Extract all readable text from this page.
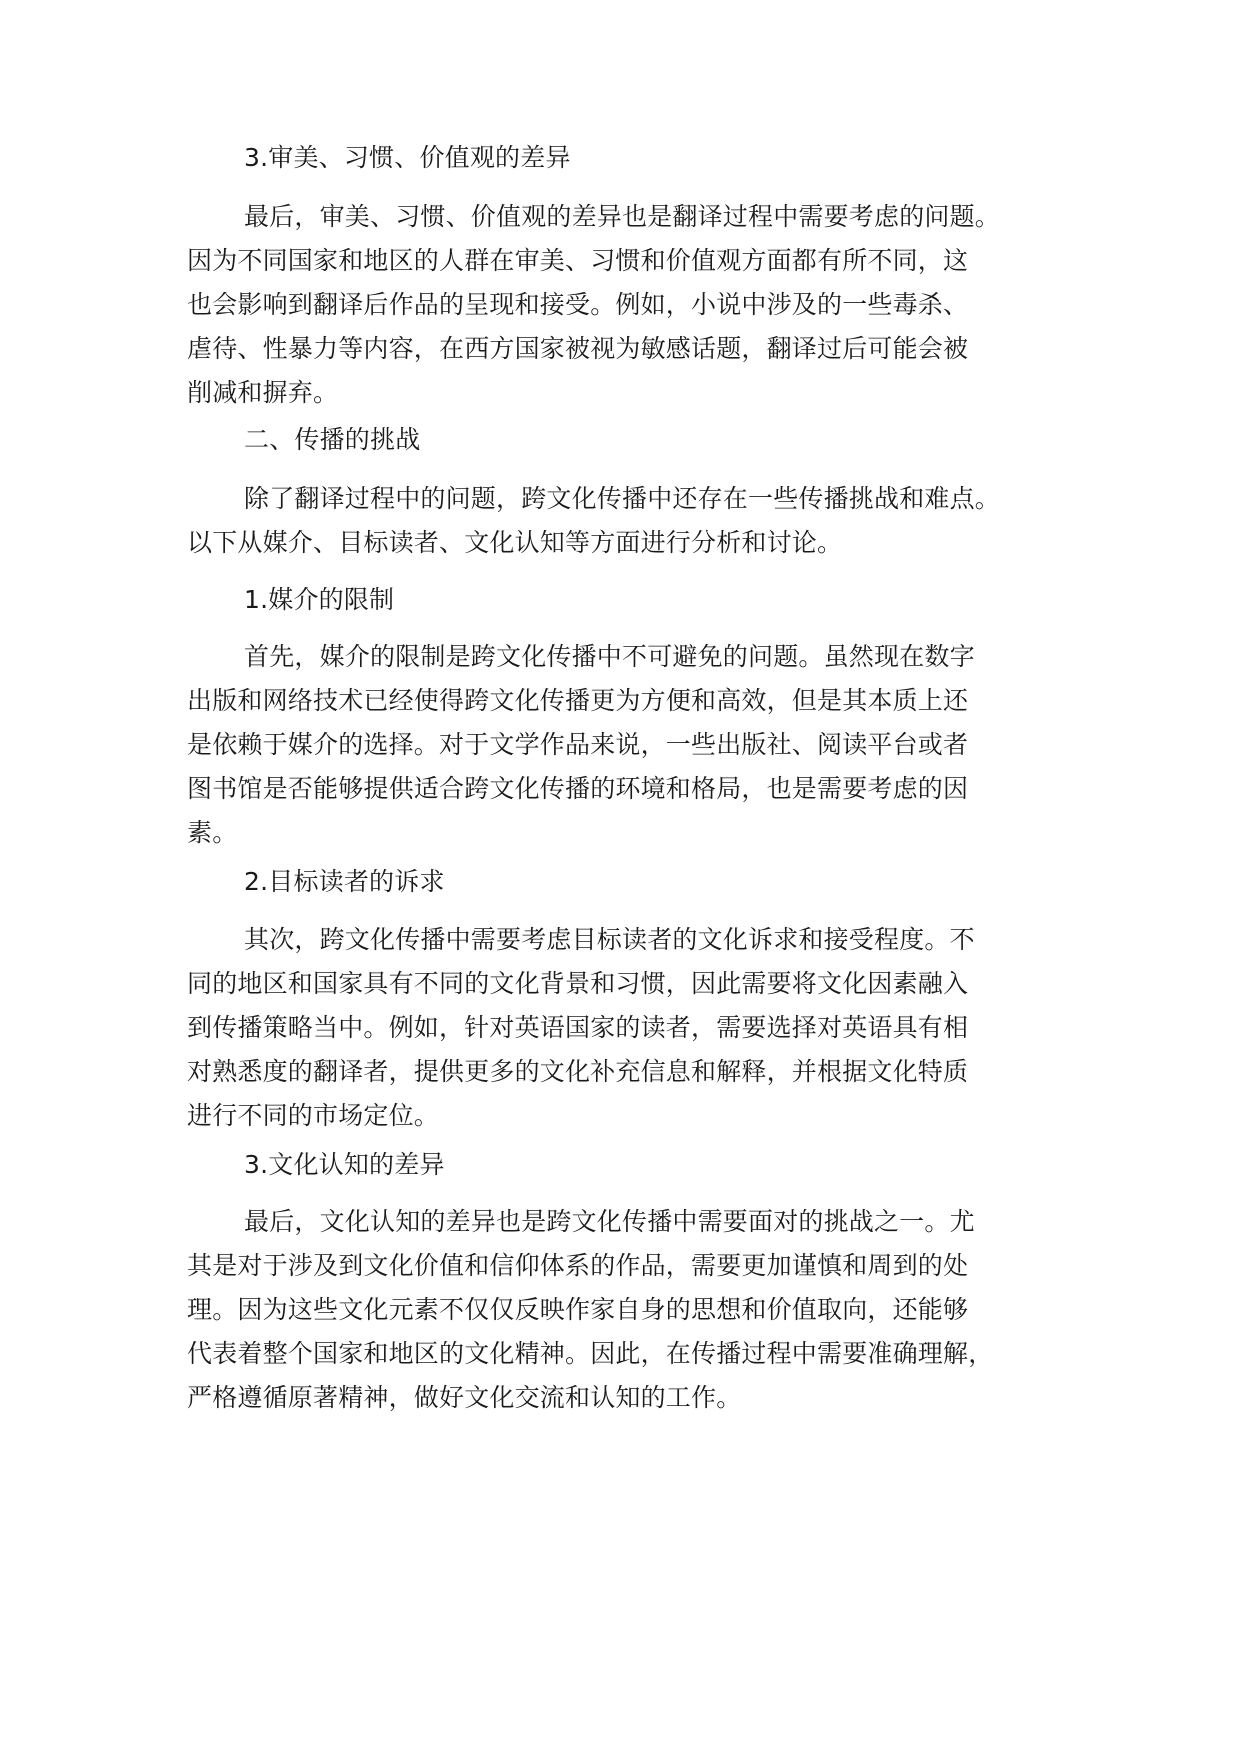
3.审美、习惯、价值观的差异

最后，审美、习惯、价值观的差异也是翻译过程中需要考虑的问题。
因为不同国家和地区的人群在审美、习惯和价值观方面都有所不同，这
也会影响到翻译后作品的呈现和接受。例如，小说中涉及的一些毒杀、
虐待、性暴力等内容，在西方国家被视为敏感话题，翻译过后可能会被
削减和摒弃。

二、传播的挑战

除了翻译过程中的问题，跨文化传播中还存在一些传播挑战和难点。
以下从媒介、目标读者、文化认知等方面进行分析和讨论。

1.媒介的限制

首先，媒介的限制是跨文化传播中不可避免的问题。虽然现在数字
出版和网络技术已经使得跨文化传播更为方便和高效，但是其本质上还
是依赖于媒介的选择。对于文学作品来说，一些出版社、阅读平台或者
图书馆是否能够提供适合跨文化传播的环境和格局，也是需要考虑的因
素。

2.目标读者的诉求

其次，跨文化传播中需要考虑目标读者的文化诉求和接受程度。不
同的地区和国家具有不同的文化背景和习惯，因此需要将文化因素融入
到传播策略当中。例如，针对英语国家的读者，需要选择对英语具有相
对熟悉度的翻译者，提供更多的文化补充信息和解释，并根据文化特质
进行不同的市场定位。

3.文化认知的差异

最后，文化认知的差异也是跨文化传播中需要面对的挑战之一。尤
其是对于涉及到文化价值和信仰体系的作品，需要更加谨慎和周到的处
理。因为这些文化元素不仅仅反映作家自身的思想和价值取向，还能够
代表着整个国家和地区的文化精神。因此，在传播过程中需要准确理解，
严格遵循原著精神，做好文化交流和认知的工作。
